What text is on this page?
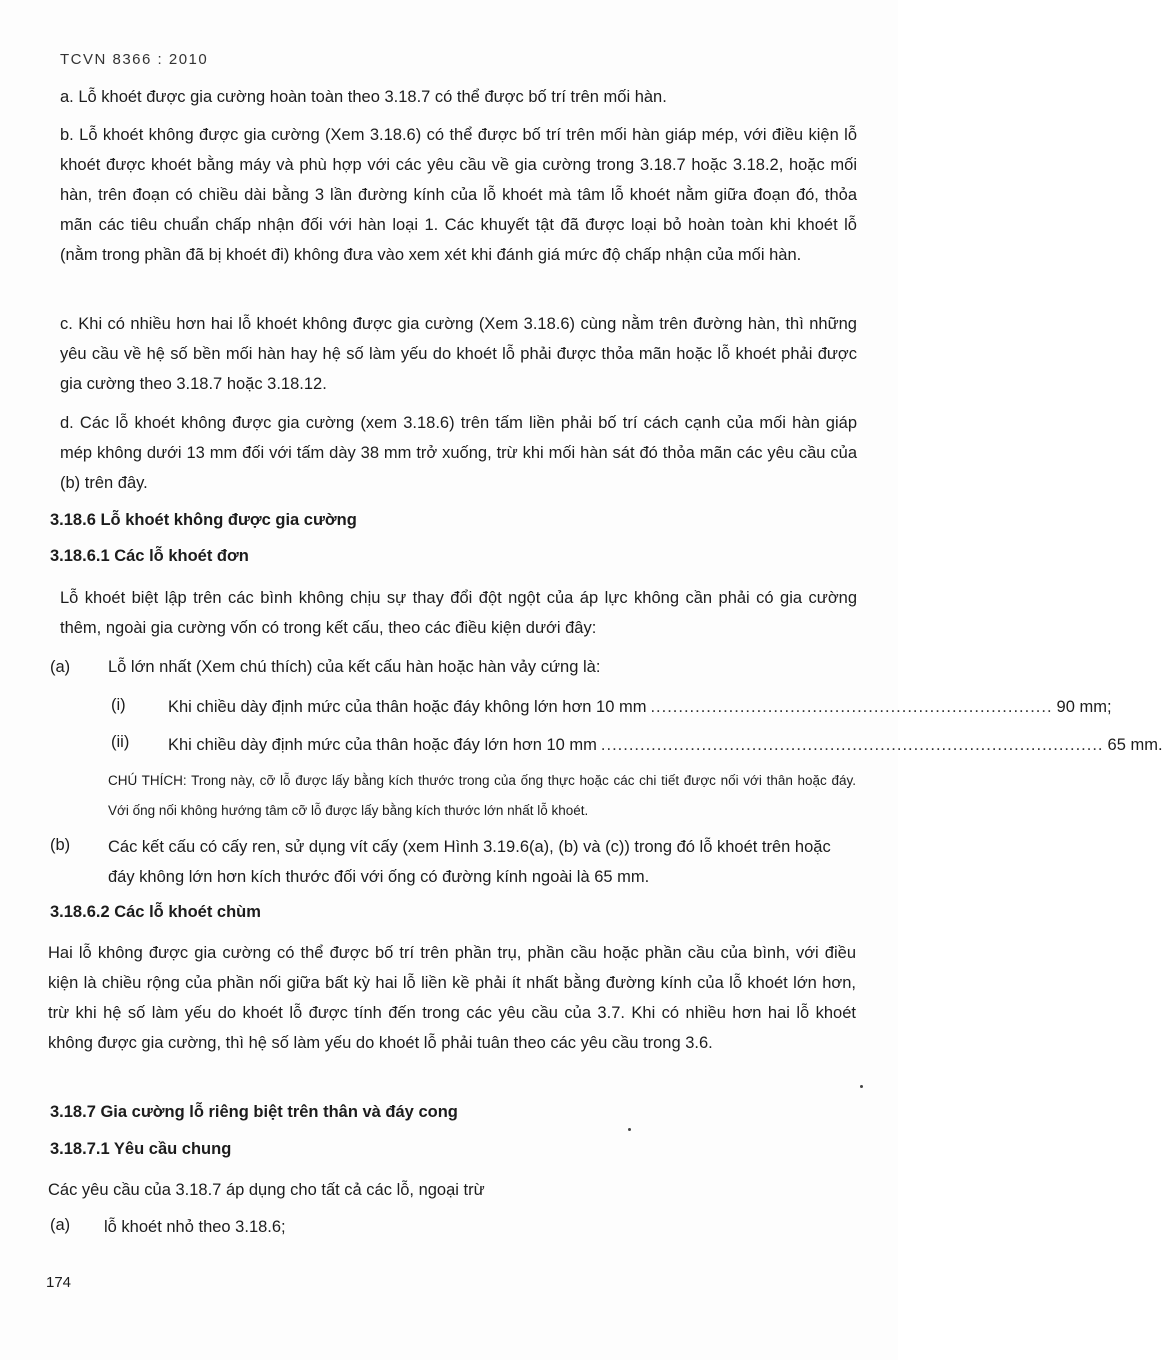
TCVN 8366 : 2010
a. Lỗ khoét được gia cường hoàn toàn theo 3.18.7 có thể được bố trí trên mối hàn.
b. Lỗ khoét không được gia cường (Xem 3.18.6) có thể được bố trí trên mối hàn giáp mép, với điều kiện lỗ khoét được khoét bằng máy và phù hợp với các yêu cầu về gia cường trong 3.18.7 hoặc 3.18.2, hoặc mối hàn, trên đoạn có chiều dài bằng 3 lần đường kính của lỗ khoét mà tâm lỗ khoét nằm giữa đoạn đó, thỏa mãn các tiêu chuẩn chấp nhận đối với hàn loại 1. Các khuyết tật đã được loại bỏ hoàn toàn khi khoét lỗ (nằm trong phần đã bị khoét đi) không đưa vào xem xét khi đánh giá mức độ chấp nhận của mối hàn.
c. Khi có nhiều hơn hai lỗ khoét không được gia cường (Xem 3.18.6) cùng nằm trên đường hàn, thì những yêu cầu về hệ số bền mối hàn hay hệ số làm yếu do khoét lỗ phải được thỏa mãn hoặc lỗ khoét phải được gia cường theo 3.18.7 hoặc 3.18.12.
d. Các lỗ khoét không được gia cường (xem 3.18.6) trên tấm liền phải bố trí cách cạnh của mối hàn giáp mép không dưới 13 mm đối với tấm dày 38 mm trở xuống, trừ khi mối hàn sát đó thỏa mãn các yêu cầu của (b) trên đây.
3.18.6 Lỗ khoét không được gia cường
3.18.6.1 Các lỗ khoét đơn
Lỗ khoét biệt lập trên các bình không chịu sự thay đổi đột ngột của áp lực không cần phải có gia cường thêm, ngoài gia cường vốn có trong kết cấu, theo các điều kiện dưới đây:
(a) Lỗ lớn nhất (Xem chú thích) của kết cấu hàn hoặc hàn vảy cứng là:
(i)	Khi chiều dày định mức của thân hoặc đáy không lớn hơn 10 mm ........................................................................ 90 mm;
(ii) Khi chiều dày định mức của thân hoặc đáy lớn hơn 10 mm .......................................................................................... 65 mm.
CHÚ THÍCH: Trong này, cỡ lỗ được lấy bằng kích thước trong của ống thực hoặc các chi tiết được nối với thân hoặc đáy. Với ống nối không hướng tâm cỡ lỗ được lấy bằng kích thước lớn nhất lỗ khoét.
(b) Các kết cấu có cấy ren, sử dụng vít cấy (xem Hình 3.19.6(a), (b) và (c)) trong đó lỗ khoét trên hoặc đáy không lớn hơn kích thước đối với ống có đường kính ngoài là 65 mm.
3.18.6.2 Các lỗ khoét chùm
Hai lỗ không được gia cường có thể được bố trí trên phần trụ, phần cầu hoặc phần cầu của bình, với điều kiện là chiều rộng của phần nối giữa bất kỳ hai lỗ liền kề phải ít nhất bằng đường kính của lỗ khoét lớn hơn, trừ khi hệ số làm yếu do khoét lỗ được tính đến trong các yêu cầu của 3.7. Khi có nhiều hơn hai lỗ khoét không được gia cường, thì hệ số làm yếu do khoét lỗ phải tuân theo các yêu cầu trong 3.6.
3.18.7 Gia cường lỗ riêng biệt trên thân và đáy cong
3.18.7.1 Yêu cầu chung
Các yêu cầu của 3.18.7 áp dụng cho tất cả các lỗ, ngoại trừ
(a) lỗ khoét nhỏ theo 3.18.6;
174
